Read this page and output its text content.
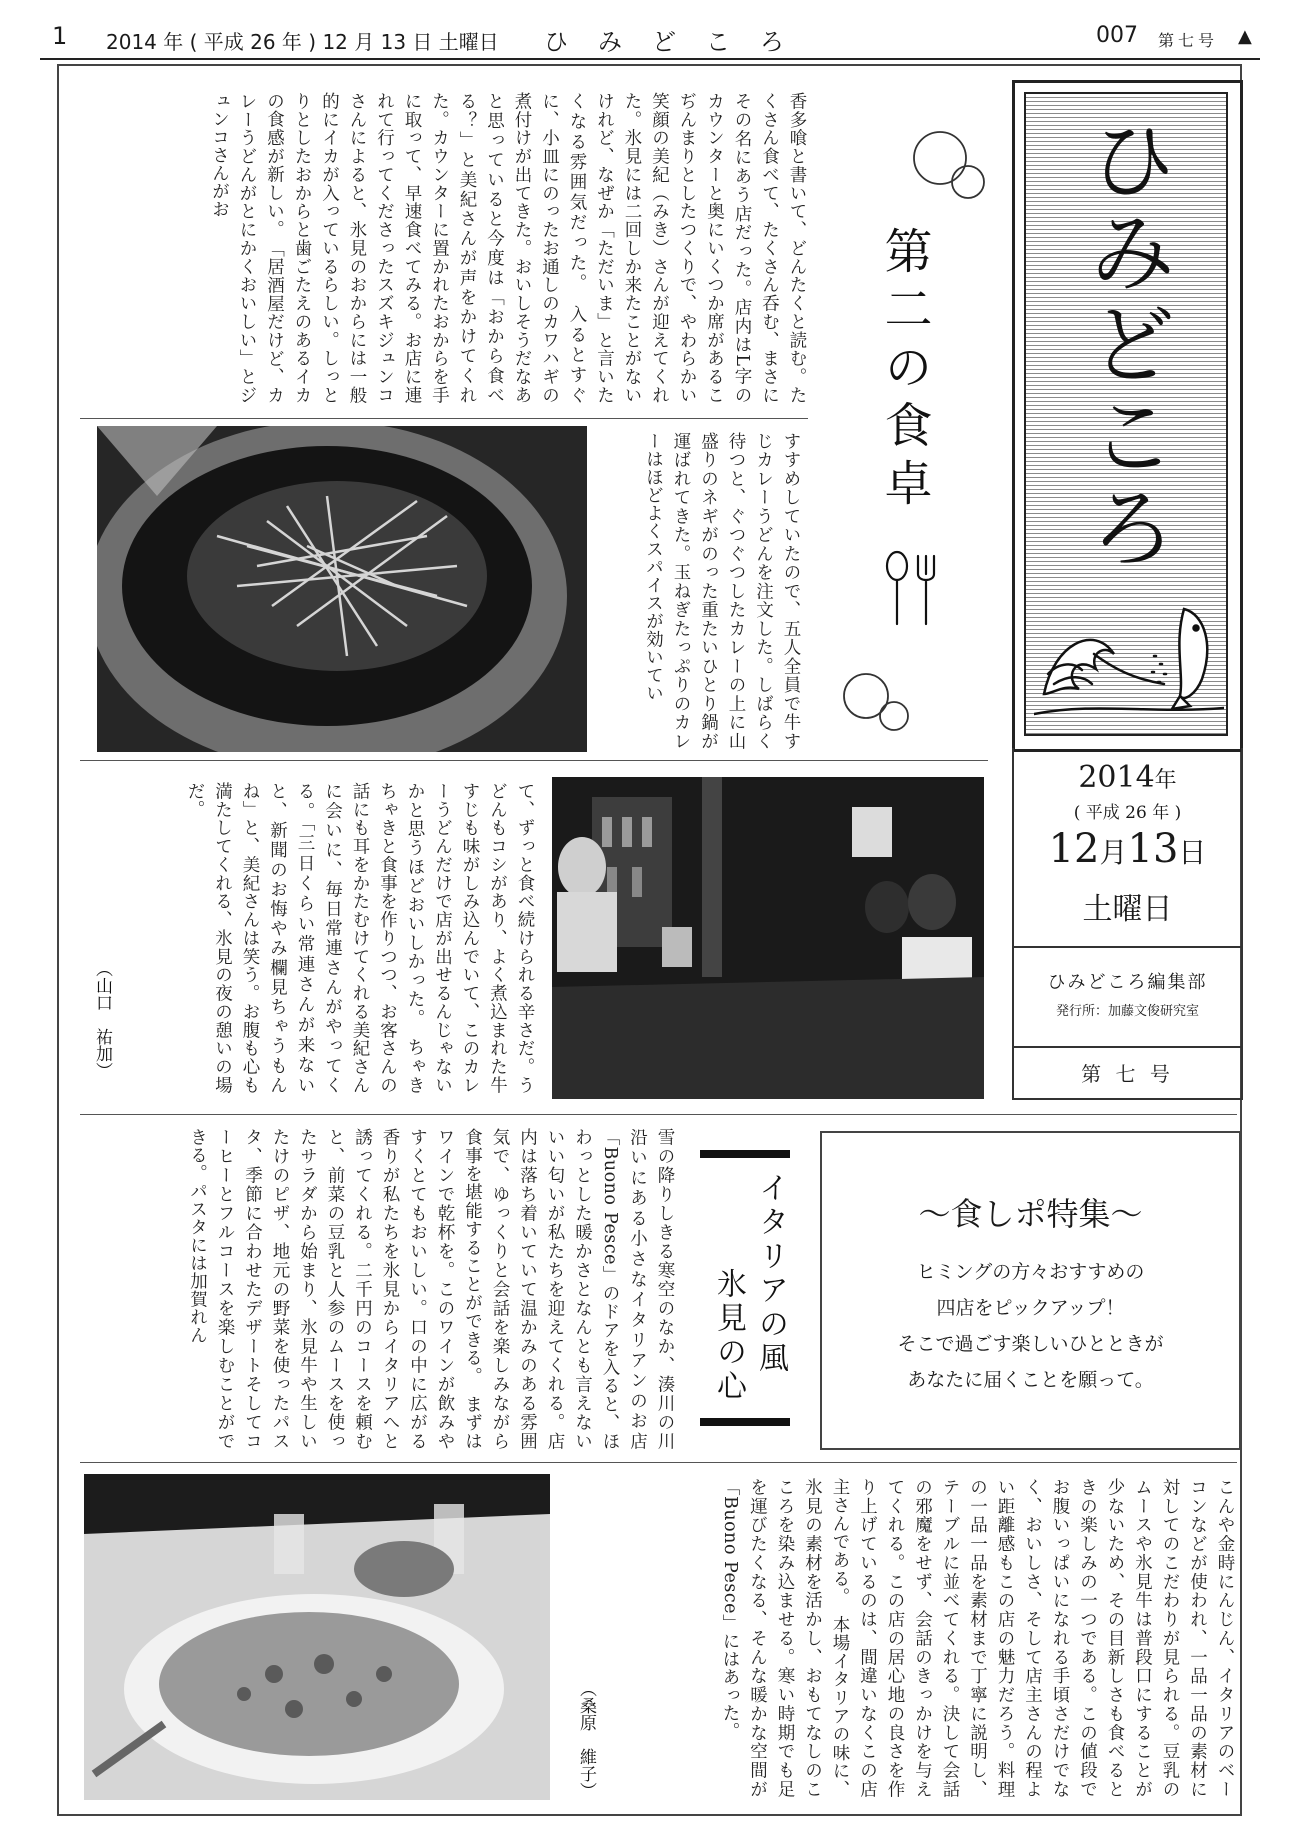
1 2014 年 ( 平成 26 年 ) 12 月 13 日 土曜日 ひみどころ	007 第七号 ▲
ひみどころ
2014年
( 平成 26 年 )
12月13日
土曜日
ひみどころ編集部
発行所：加藤文俊研究室
第 七 号
香多喰と書いて、どんたくと読む。たくさん食べて、たくさん呑む、まさにその名にあう店だった。店内はL字のカウンターと奥にいくつか席があるこぢんまりとしたつくりで、やわらかい笑顔の美紀（みき）さんが迎えてくれた。氷見には二回しか来たことがないけれど、なぜか「ただいま」と言いたくなる雰囲気だった。　入るとすぐに、小皿にのったお通しのカワハギの煮付けが出てきた。おいしそうだなあと思っていると今度は「おから食べる？」と美紀さんが声をかけてくれた。カウンターに置かれたおからを手に取って、早速食べてみる。お店に連れて行ってくださったスズキジュンコさんによると、氷見のおからには一般的にイカが入っているらしい。しっとりとしたおからと歯ごたえのあるイカの食感が新しい。　「居酒屋だけど、カレーうどんがとにかくおいしい」とジュンコさんがお
第二の食卓
すすめしていたので、五人全員で牛すじカレーうどんを注文した。しばらく待つと、ぐつぐつしたカレーの上に山盛りのネギがのった重たいひとり鍋が運ばれてきた。玉ねぎたっぷりのカレーはほどよくスパイスが効いてい
て、ずっと食べ続けられる辛さだ。うどんもコシがあり、よく煮込まれた牛すじも味がしみ込んでいて、このカレーうどんだけで店が出せるんじゃないかと思うほどおいしかった。　ちゃきちゃきと食事を作りつつ、お客さんの話にも耳をかたむけてくれる美紀さんに会いに、毎日常連さんがやってくる。「三日くらい常連さんが来ないと、新聞のお悔やみ欄見ちゃうもんね」と、美紀さんは笑う。お腹も心も満たしてくれる、氷見の夜の憩いの場だ。
（山口　祐加）
〜食しポ特集〜
ヒミングの方々おすすめの
四店をピックアップ！
そこで過ごす楽しいひとときが
あなたに届くことを願って。
イタリアの風
氷見の心
雪の降りしきる寒空のなか、湊川の川沿いにある小さなイタリアンのお店「Buono Pesce」のドアを入ると、ほわっとした暖かさとなんとも言えないいい匂いが私たちを迎えてくれる。店内は落ち着いていて温かみのある雰囲気で、ゆっくりと会話を楽しみながら食事を堪能することができる。　まずはワインで乾杯を。このワインが飲みやすくとてもおいしい。口の中に広がる香りが私たちを氷見からイタリアへと誘ってくれる。二千円のコースを頼むと、前菜の豆乳と人参のムースを使ったサラダから始まり、氷見牛や生しいたけのピザ、地元の野菜を使ったパスタ、季節に合わせたデザートそしてコーヒーとフルコースを楽しむことができる。パスタには加賀れん
こんや金時にんじん、イタリアのベーコンなどが使われ、一品一品の素材に対してのこだわりが見られる。豆乳のムースや氷見牛は普段口にすることが少ないため、その目新しさも食べるときの楽しみの一つである。この値段でお腹いっぱいになれる手頃さだけでなく、おいしさ、そして店主さんの程よい距離感もこの店の魅力だろう。料理の一品一品を素材まで丁寧に説明し、テーブルに並べてくれる。決して会話の邪魔をせず、会話のきっかけを与えてくれる。この店の居心地の良さを作り上げているのは、間違いなくこの店主さんである。　本場イタリアの味に、氷見の素材を活かし、おもてなしのこころを染み込ませる。寒い時期でも足を運びたくなる、そんな暖かな空間が「Buono Pesce」にはあった。
（桑原　維子）
